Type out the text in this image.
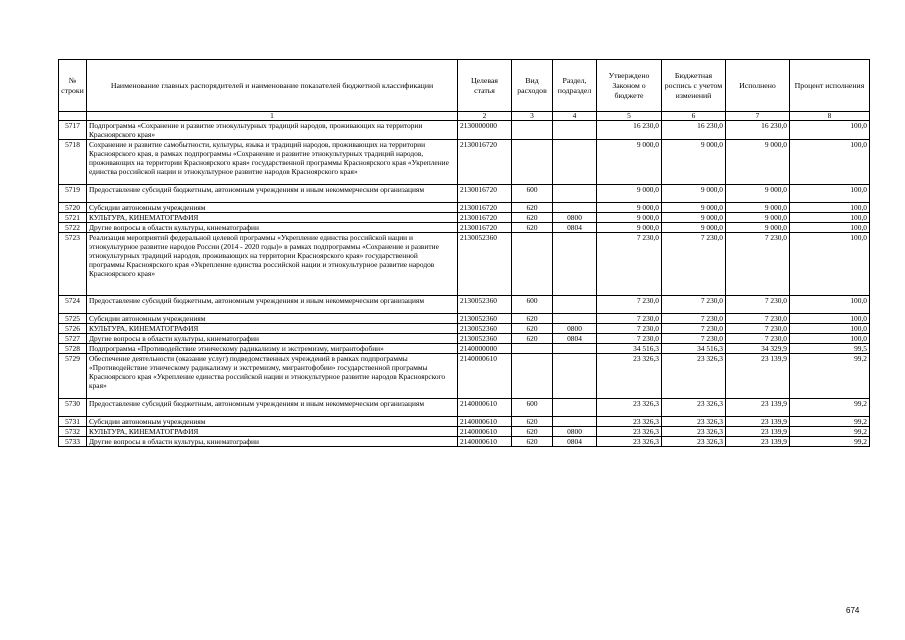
№ строки	Наименование главных распорядителей и наименование показателей бюджетной классификации	Целевая статья	Вид расходов	Раздел, подраздел	Утверждено Законом о бюджете	Бюджетная роспись с учетом изменений	Исполнено	Процент исполнения
	1	2	3	4	5	6	7	8
5717	Подпрограмма «Сохранение и развитие этнокультурных традиций народов, проживающих на территории Красноярского края»	2130000000			16 230,0	16 230,0	16 230,0	100,0
5718	Сохранение и развитие самобытности, культуры, языка и традиций народов, проживающих на территории Красноярского края, в рамках подпрограммы «Сохранение и развитие этнокультурных традиций народов, проживающих на территории Красноярского края» государственной программы Красноярского края «Укрепление единства российской нации и этнокультурное развитие народов Красноярского края»	2130016720			9 000,0	9 000,0	9 000,0	100,0
5719	Предоставление субсидий бюджетным, автономным учреждениям и иным некоммерческим организациям	2130016720	600		9 000,0	9 000,0	9 000,0	100,0
5720	Субсидии автономным учреждениям	2130016720	620		9 000,0	9 000,0	9 000,0	100,0
5721	КУЛЬТУРА, КИНЕМАТОГРАФИЯ	2130016720	620	0800	9 000,0	9 000,0	9 000,0	100,0
5722	Другие вопросы в области культуры, кинематографии	2130016720	620	0804	9 000,0	9 000,0	9 000,0	100,0
5723	Реализация мероприятий федеральной целевой программы «Укрепление единства российской нации и этнокультурное развитие народов России (2014 - 2020 годы)» в рамках подпрограммы «Сохранение и развитие этнокультурных традиций народов, проживающих на территории Красноярского края» государственной программы Красноярского края «Укрепление единства российской нации и этнокультурное развитие народов Красноярского края»	2130052360			7 230,0	7 230,0	7 230,0	100,0
5724	Предоставление субсидий бюджетным, автономным учреждениям и иным некоммерческим организациям	2130052360	600		7 230,0	7 230,0	7 230,0	100,0
5725	Субсидии автономным учреждениям	2130052360	620		7 230,0	7 230,0	7 230,0	100,0
5726	КУЛЬТУРА, КИНЕМАТОГРАФИЯ	2130052360	620	0800	7 230,0	7 230,0	7 230,0	100,0
5727	Другие вопросы в области культуры, кинематографии	2130052360	620	0804	7 230,0	7 230,0	7 230,0	100,0
5728	Подпрограмма «Противодействие этническому радикализму и экстремизму, мигрантофобии»	2140000000			34 516,3	34 516,3	34 329,9	99,5
5729	Обеспечение деятельности (оказание услуг) подведомственных учреждений в рамках подпрограммы «Противодействие этническому радикализму и экстремизму, мигрантофобии» государственной программы Красноярского края «Укрепление единства российской нации и этнокультурное развитие народов Красноярского края»	2140000610			23 326,3	23 326,3	23 139,9	99,2
5730	Предоставление субсидий бюджетным, автономным учреждениям и иным некоммерческим организациям	2140000610	600		23 326,3	23 326,3	23 139,9	99,2
5731	Субсидии автономным учреждениям	2140000610	620		23 326,3	23 326,3	23 139,9	99,2
5732	КУЛЬТУРА, КИНЕМАТОГРАФИЯ	2140000610	620	0800	23 326,3	23 326,3	23 139,9	99,2
5733	Другие вопросы в области культуры, кинематографии	2140000610	620	0804	23 326,3	23 326,3	23 139,9	99,2
674
